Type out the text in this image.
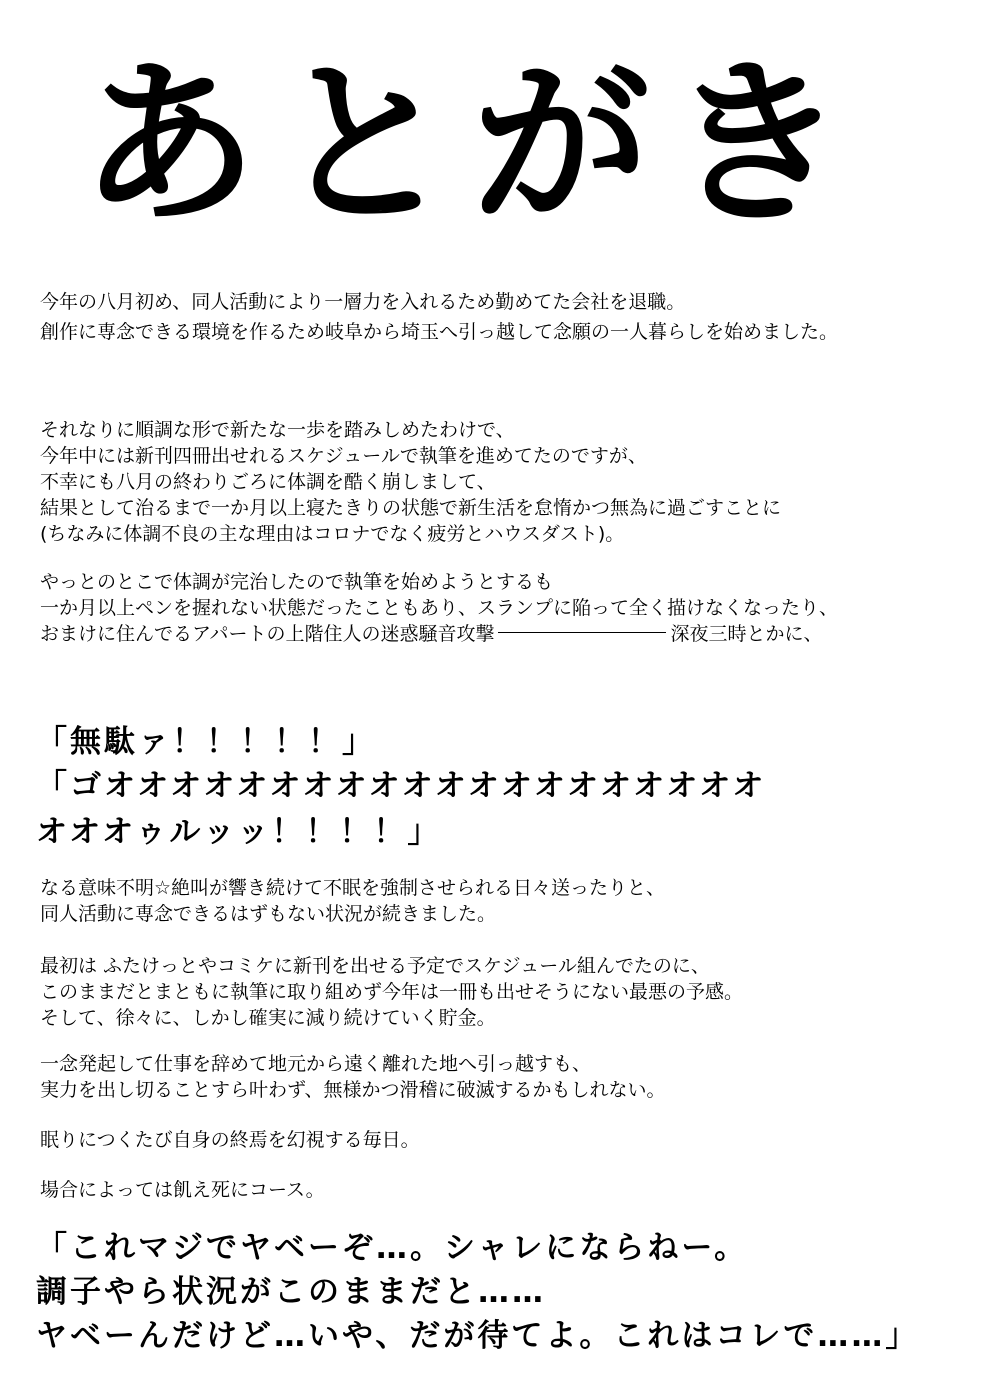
あとがき
今年の八月初め、同人活動により一層力を入れるため勤めてた会社を退職。
創作に専念できる環境を作るため岐阜から埼玉へ引っ越して念願の一人暮らしを始めました。
それなりに順調な形で新たな一歩を踏みしめたわけで、
今年中には新刊四冊出せれるスケジュールで執筆を進めてたのですが、
不幸にも八月の終わりごろに体調を酷く崩しまして、
結果として治るまで一か月以上寝たきりの状態で新生活を怠惰かつ無為に過ごすことに
(ちなみに体調不良の主な理由はコロナでなく疲労とハウスダスト)。
やっとのとこで体調が完治したので執筆を始めようとするも
一か月以上ペンを握れない状態だったこともあり、スランプに陥って全く描けなくなったり、
おまけに住んでるアパートの上階住人の迷惑騒音攻撃	深夜三時とかに、
「無駄ァ！！！！！」
「ゴオオオオオオオオオオオオオオオオオオオオ
オオオゥルッッ！！！！」
なる意味不明☆絶叫が響き続けて不眠を強制させられる日々送ったりと、
同人活動に専念できるはずもない状況が続きました。
最初は ふたけっとやコミケに新刊を出せる予定でスケジュール組んでたのに、
このままだとまともに執筆に取り組めず今年は一冊も出せそうにない最悪の予感。
そして、徐々に、しかし確実に減り続けていく貯金。
一念発起して仕事を辞めて地元から遠く離れた地へ引っ越すも、
実力を出し切ることすら叶わず、無様かつ滑稽に破滅するかもしれない。
眠りにつくたび自身の終焉を幻視する毎日。
場合によっては飢え死にコース。
「これマジでヤベーぞ…。シャレにならねー。
調子やら状況がこのままだと……
ヤベーんだけど…いや、だが待てよ。これはコレで……」
